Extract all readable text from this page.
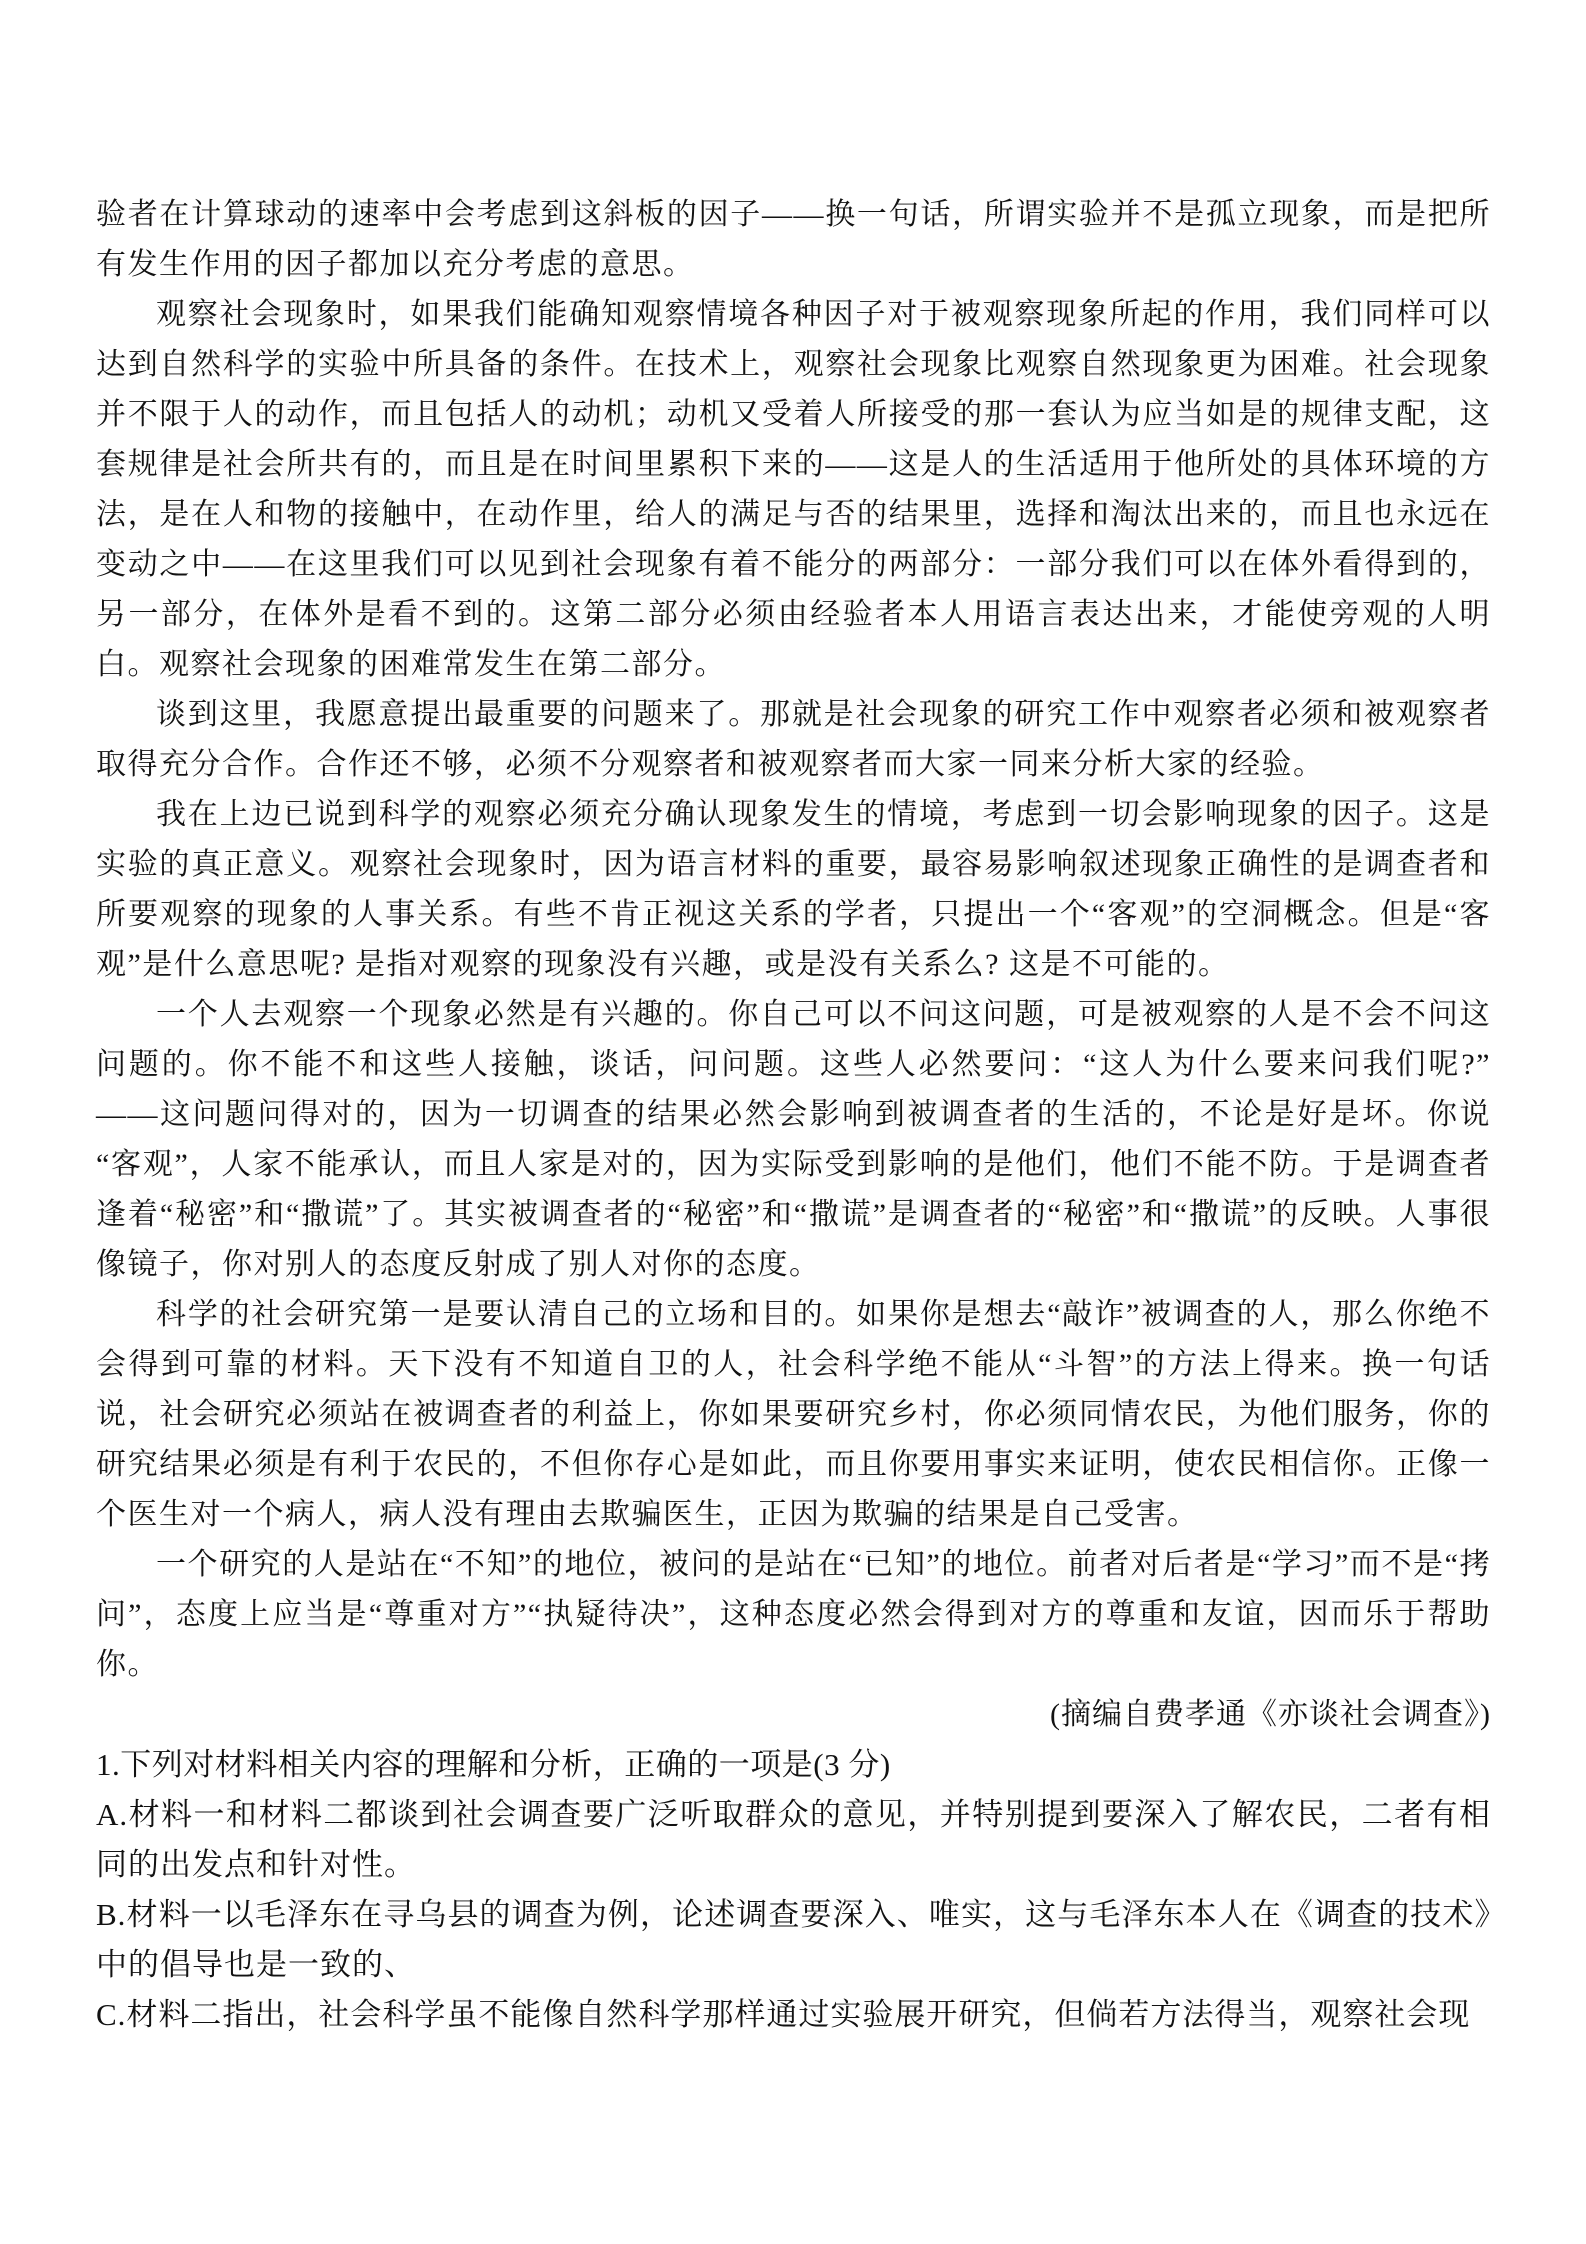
验者在计算球动的速率中会考虑到这斜板的因子——换一句话，所谓实验并不是孤立现象，而是把所有发生作用的因子都加以充分考虑的意思。

观察社会现象时，如果我们能确知观察情境各种因子对于被观察现象所起的作用，我们同样可以达到自然科学的实验中所具备的条件。在技术上，观察社会现象比观察自然现象更为困难。社会现象并不限于人的动作，而且包括人的动机；动机又受着人所接受的那一套认为应当如是的规律支配，这套规律是社会所共有的，而且是在时间里累积下来的——这是人的生活适用于他所处的具体环境的方法，是在人和物的接触中，在动作里，给人的满足与否的结果里，选择和淘汰出来的，而且也永远在变动之中——在这里我们可以见到社会现象有着不能分的两部分：一部分我们可以在体外看得到的，另一部分，在体外是看不到的。这第二部分必须由经验者本人用语言表达出来，才能使旁观的人明白。观察社会现象的困难常发生在第二部分。

谈到这里，我愿意提出最重要的问题来了。那就是社会现象的研究工作中观察者必须和被观察者取得充分合作。合作还不够，必须不分观察者和被观察者而大家一同来分析大家的经验。

我在上边已说到科学的观察必须充分确认现象发生的情境，考虑到一切会影响现象的因子。这是实验的真正意义。观察社会现象时，因为语言材料的重要，最容易影响叙述现象正确性的是调查者和所要观察的现象的人事关系。有些不肯正视这关系的学者，只提出一个“客观”的空洞概念。但是“客观”是什么意思呢? 是指对观察的现象没有兴趣，或是没有关系么? 这是不可能的。

一个人去观察一个现象必然是有兴趣的。你自己可以不问这问题，可是被观察的人是不会不问这问题的。你不能不和这些人接触，谈话，问问题。这些人必然要问：“这人为什么要来问我们呢?”——这问题问得对的，因为一切调查的结果必然会影响到被调查者的生活的，不论是好是坏。你说“客观”，人家不能承认，而且人家是对的，因为实际受到影响的是他们，他们不能不防。于是调查者逢着“秘密”和“撒谎”了。其实被调查者的“秘密”和“撒谎”是调查者的“秘密”和“撒谎”的反映。人事很像镜子，你对别人的态度反射成了别人对你的态度。

科学的社会研究第一是要认清自己的立场和目的。如果你是想去“敲诈”被调查的人，那么你绝不会得到可靠的材料。天下没有不知道自卫的人，社会科学绝不能从“斗智”的方法上得来。换一句话说，社会研究必须站在被调查者的利益上，你如果要研究乡村，你必须同情农民，为他们服务，你的研究结果必须是有利于农民的，不但你存心是如此，而且你要用事实来证明，使农民相信你。正像一个医生对一个病人，病人没有理由去欺骗医生，正因为欺骗的结果是自己受害。

一个研究的人是站在“不知”的地位，被问的是站在“已知”的地位。前者对后者是“学习”而不是“拷问”，态度上应当是“尊重对方”“执疑待决”，这种态度必然会得到对方的尊重和友谊，因而乐于帮助你。

(摘编自费孝通《亦谈社会调查》)

1.下列对材料相关内容的理解和分析，正确的一项是(3 分)

A.材料一和材料二都谈到社会调查要广泛听取群众的意见，并特别提到要深入了解农民，二者有相同的出发点和针对性。

B.材料一以毛泽东在寻乌县的调查为例，论述调查要深入、唯实，这与毛泽东本人在《调查的技术》中的倡导也是一致的、

C.材料二指出，社会科学虽不能像自然科学那样通过实验展开研究，但倘若方法得当，观察社会现
